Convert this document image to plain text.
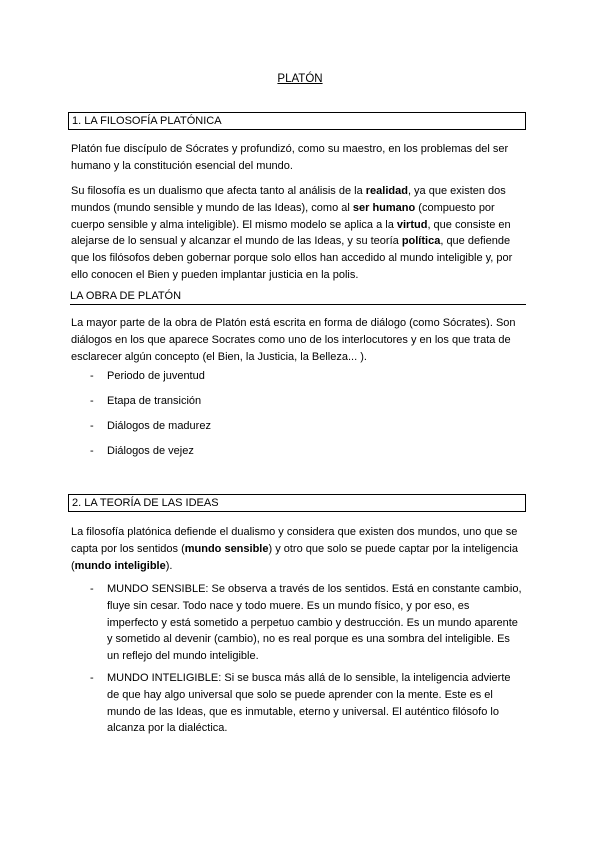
PLATÓN
1. LA FILOSOFÍA PLATÓNICA

Platón fue discípulo de Sócrates y profundizó, como su maestro, en los problemas del ser humano y la constitución esencial del mundo.

Su filosofía es un dualismo que afecta tanto al análisis de la realidad, ya que existen dos mundos (mundo sensible y mundo de las Ideas), como al ser humano (compuesto por cuerpo sensible y alma inteligible). El mismo modelo se aplica a la virtud, que consiste en alejarse de lo sensual y alcanzar el mundo de las Ideas, y su teoría política, que defiende que los filósofos deben gobernar porque solo ellos han accedido al mundo inteligible y, por ello conocen el Bien y pueden implantar justicia en la polis.

LA OBRA DE PLATÓN

La mayor parte de la obra de Platón está escrita en forma de diálogo (como Sócrates). Son diálogos en los que aparece Socrates como uno de los interlocutores y en los que trata de esclarecer algún concepto (el Bien, la Justicia, la Belleza... ).

- Periodo de juventud
- Etapa de transición
- Diálogos de madurez
- Diálogos de vejez
2. LA TEORÍA DE LAS IDEAS

La filosofía platónica defiende el dualismo y considera que existen dos mundos, uno que se capta por los sentidos (mundo sensible) y otro que solo se puede captar por la inteligencia (mundo inteligible).

- MUNDO SENSIBLE: Se observa a través de los sentidos. Está en constante cambio, fluye sin cesar. Todo nace y todo muere. Es un mundo físico, y por eso, es imperfecto y está sometido a perpetuo cambio y destrucción. Es un mundo aparente y sometido al devenir (cambio), no es real porque es una sombra del inteligible. Es un reflejo del mundo inteligible.
- MUNDO INTELIGIBLE: Si se busca más allá de lo sensible, la inteligencia advierte de que hay algo universal que solo se puede aprender con la mente. Este es el mundo de las Ideas, que es inmutable, eterno y universal. El auténtico filósofo lo alcanza por la dialéctica.
